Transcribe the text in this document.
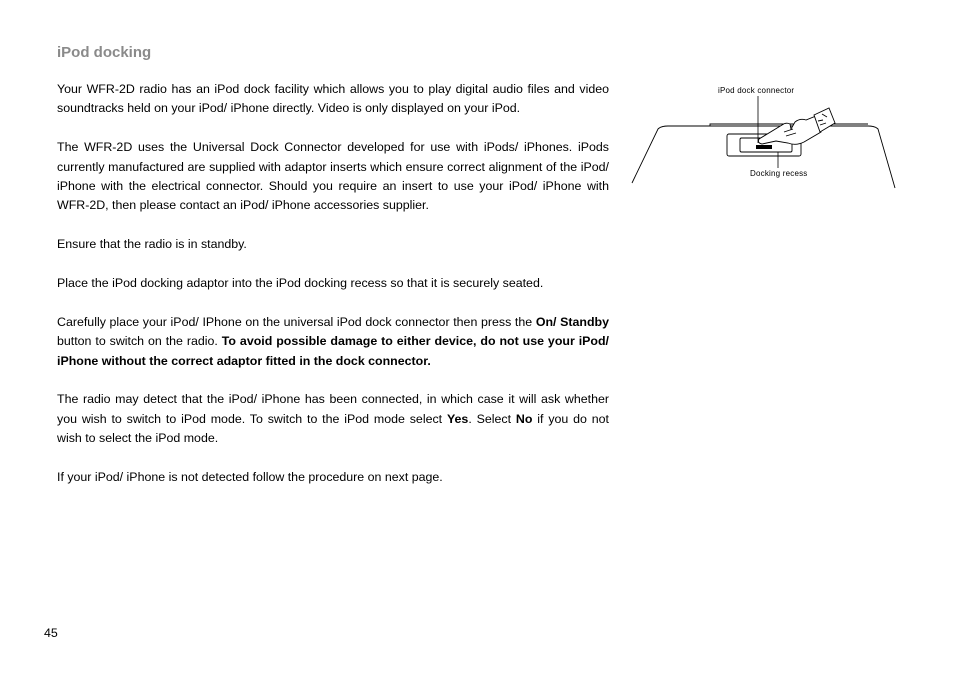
iPod docking

Your WFR-2D radio has an iPod dock facility which allows you to play digital audio files and video soundtracks held on your iPod/ iPhone directly. Video is only displayed on your iPod.

The WFR-2D uses the Universal Dock Connector developed for use with iPods/ iPhones. iPods currently manufactured are supplied with adaptor inserts which ensure correct alignment of the iPod/ iPhone with the electrical connector. Should you require an insert to use your iPod/ iPhone with WFR-2D, then please contact an iPod/ iPhone accessories supplier.

Ensure that the radio is in standby.

Place the iPod docking adaptor into the iPod docking recess so that it is securely seated.

Carefully place your iPod/ IPhone on the universal iPod dock connector then press the On/ Standby button to switch on the radio. To avoid possible damage to either device, do not use your iPod/ iPhone without the correct adaptor fitted in the dock connector.

The radio may detect that the iPod/ iPhone has been connected, in which case it will ask whether you wish to switch to iPod mode. To switch to the iPod mode select Yes. Select No if you do not wish to select the iPod mode.

If your iPod/ iPhone is not detected follow the procedure on next page.

iPod dock connector
Docking recess
45
